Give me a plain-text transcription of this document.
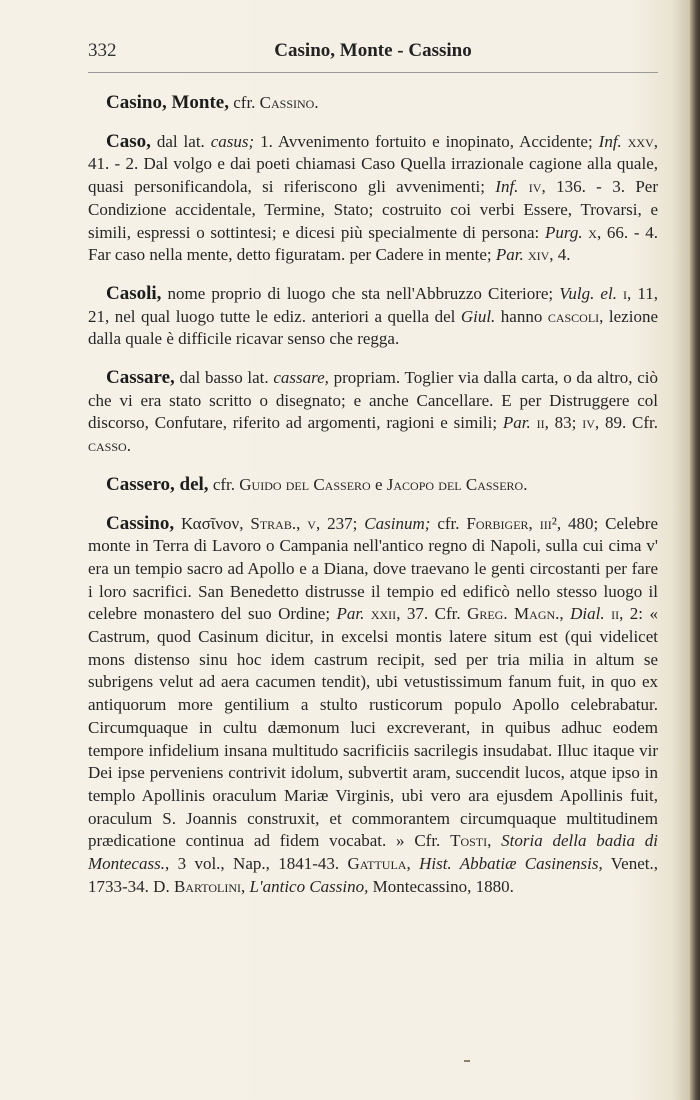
332	Casino, Monte - Cassino

Casino, Monte, cfr. Cassino.

Caso, dal lat. casus; 1. Avvenimento fortuito e inopinato, Accidente; Inf. xxv, 41. - 2. Dal volgo e dai poeti chiamasi Caso Quella irrazionale cagione alla quale, quasi personificandola, si riferiscono gli avvenimenti; Inf. iv, 136. - 3. Per Condizione accidentale, Termine, Stato; costruito coi verbi Essere, Trovarsi, e simili, espressi o sottintesi; e dicesi più specialmente di persona: Purg. x, 66. - 4. Far caso nella mente, detto figuratam. per Cadere in mente; Par. xiv, 4.

Casoli, nome proprio di luogo che sta nell'Abbruzzo Citeriore; Vulg. el. i, 11, 21, nel qual luogo tutte le ediz. anteriori a quella del Giul. hanno cascoli, lezione dalla quale è difficile ricavar senso che regga.

Cassare, dal basso lat. cassare, propriam. Toglier via dalla carta, o da altro, ciò che vi era stato scritto o disegnato; e anche Cancellare. E per Distruggere col discorso, Confutare, riferito ad argomenti, ragioni e simili; Par. ii, 83; iv, 89. Cfr. casso.

Cassero, del, cfr. Guido del Cassero e Jacopo del Cassero.

Cassino, Κασῖνον, Strab., v, 237; Casinum; cfr. Forbiger, iii², 480; Celebre monte in Terra di Lavoro o Campania nell'antico regno di Napoli, sulla cui cima v' era un tempio sacro ad Apollo e a Diana, dove traevano le genti circostanti per fare i loro sacrifici. San Benedetto distrusse il tempio ed edificò nello stesso luogo il celebre monastero del suo Ordine; Par. xxii, 37. Cfr. Greg. Magn., Dial. ii, 2: « Castrum, quod Casinum dicitur, in excelsi montis latere situm est (qui videlicet mons distenso sinu hoc idem castrum recipit, sed per tria milia in altum se subrigens velut ad aera cacumen tendit), ubi vetustissimum fanum fuit, in quo ex antiquorum more gentilium a stulto rusticorum populo Apollo celebrabatur. Circumquaque in cultu dæmonum luci excreverant, in quibus adhuc eodem tempore infidelium insana multitudo sacrificiis sacrilegis insudabat. Illuc itaque vir Dei ipse perveniens contrivit idolum, subvertit aram, succendit lucos, atque ipso in templo Apollinis oraculum Mariæ Virginis, ubi vero ara ejusdem Apollinis fuit, oraculum S. Joannis construxit, et commorantem circumquaque multitudinem prædicatione continua ad fidem vocabat. » Cfr. Tosti, Storia della badia di Montecass., 3 vol., Nap., 1841-43. Gattula, Hist. Abbatiæ Casinensis, Venet., 1733-34. D. Bartolini, L'antico Cassino, Montecassino, 1880.
